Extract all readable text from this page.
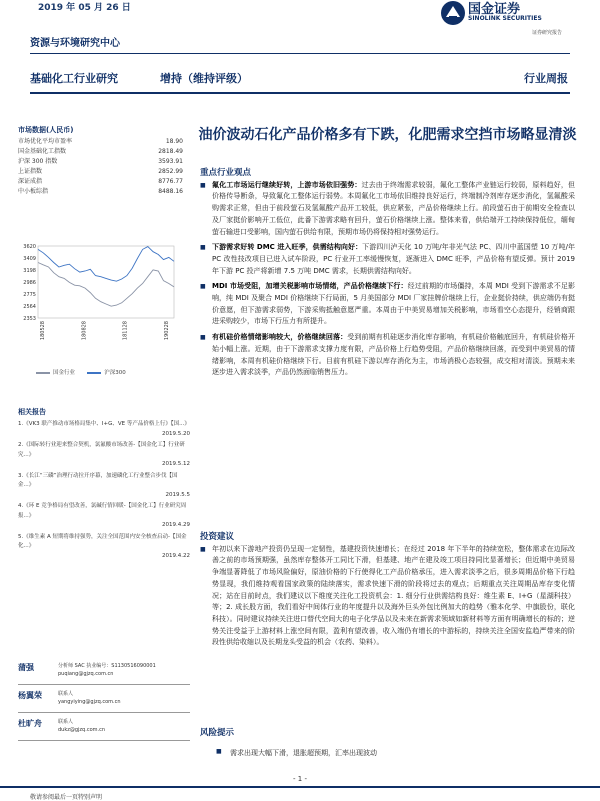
2019 年 05 月 26 日
资源与环境研究中心
国金证券
SINOLINK SECURITIES
证券研究报告
基础化工行业研究	增持（维持评级）	行业周报
市场数据(人民币)
市场优化平均市盈率	18.90
国金基础化工指数	2818.49
沪深 300 指数	3593.91
上证指数	2852.99
深证成指	8776.77
中小板综指	8488.16
3620
3409
3198
2986
2775
2564
2353
180528	180828	181128	190228
国金行业	沪深300
相关报告
1.《VK3 联产推动市场格局集中、I+G、VE 等产品价格上行》【国...》
2019.5.20
2.《国际转行业迎来整合契机，氯氟酸市场改善-【国金化工】行业研究...》
2019.5.12
3.《长江“三磷”治理行动拉开序幕，加速磷化工行业整合步伐【国金...》
2019.5.5
4.《环 E 竞争格局有望改善，氯碱行情回暖-【国金化工】行业研究周报...》
2019.4.29
5.《维生素 A 短期将维持强势，关注全国范围内安全核查启动-【国金化...》
2019.4.22
蒲强	分析师 SAC 执业编号：S1130516090001
puqiang@gjzq.com.cn
杨翼荣	联系人
yangyiying@gjzq.com.cn
杜旷舟	联系人
dukz@gjzq.com.cn
油价波动石化产品价格多有下跌，化肥需求空挡市场略显清淡
重点行业观点
■ 氟化工市场运行继续好转，上游市场依旧强势：过去由于终端需求较弱，氟化工整体产业链运行较弱，原料趋好，但价格传导断条，导致氟化工整体运行弱势。本周氟化工市场依旧维持良好运行，终端制冷剂库存逐步消化，氢氟酸采购需求正常，但由于前段萤石及氢氟酸产品开工较低，供应紧张，产品价格继续上行。前段萤石由于前期安全检查以及厂家挺价影响开工低位，此番下游需求略有回升，萤石价格继续上涨。整体来看，供给端开工持续保持低位，缅甸萤石输进口受影响，国内萤石供给有限，预期市场仍将保持相对强势运行。
■ 下游需求好转 DMC 进入旺季，供需结构向好：下游四川泸天化 10 万吨/年非光气法 PC、四川中蓝国塑 10 万吨/年 PC 改性技改项目已进入试车阶段，PC 行业开工率缓慢恢复，逐渐进入 DMC 旺季，产品价格有望反弹。预计 2019 年下游 PC 投产将新增 7.5 万吨 DMC 需求，长期供需结构向好。
■ MDI 市场受阻，加增关税影响市场情绪，产品价格继续下行：经过前期的市场僵持，本周 MDI 受到下游需求不足影响，纯 MDI 及聚合 MDI 价格继续下行局面，5 月美国部分 MDI 厂家挂牌价继续上行，企业挺价持续，供应端仍有挺价意愿，但下游需求弱势，下游采购抵触意愿严重。本周由于中美贸易增加关税影响，市场看空心态提升，经销商跟进采购较少，市场下行压力有所提升。
■ 有机硅价格情绪影响较大，价格继续回落：受到前期有机硅逐步消化库存影响，有机硅价格触底回升，有机硅价格开始小幅上涨。近期，由于下游需求支撑力度有限，产品价格上行趋势受阻，产品价格继续回落，而受到中美贸易的情绪影响，本周有机硅价格继续下行。目前有机硅下游以库存消化为主，市场消极心态较强，成交相对清淡。预期未来逐步进入需求淡季，产品仍然面临销售压力。
投资建议
■ 年初以来下游地产投资仍呈现一定韧性，基建投资快速增长；在经过 2018 年下半年的持续宽松，整体需求在边际改善之前的市场预期强，虽然库存整体开工同比下滑，但基建、地产在建及竣工项目持同比显著增长；但近期中美贸易争端显著降低了市场风险偏好，原油价格的下行使得化工产品价格承压，进入需求淡季之后，很多周期品价格下行趋势显现，我们维持观看国家政策的陆续落实，需求快速下滑的阶段将过去的观点；后期重点关注周期品库存变化情况；站在目前时点，我们建议以下维度关注化工投资机会：1. 细分行业供需结构良好：维生素 E、I+G（星湖科技）等；2. 成长股方面，我们看好中间体行业的年度提升以及海外巨头外包比例加大的趋势（雅本化学、中旗股份，联化科技）。同时建议持续关注进口替代空间大的电子化学品以及未来在新需求领域如新材料等方面有明确增长的标的；逆势关注受益于上游材料上涨空间有限，盈利有望改善，收入端仍有增长的中游标的，持续关注全国安监趋严带来的阶段性供给收缩以及长期龙头受益的机会（农药、染料）。
风险提示
■ 需求出现大幅下滑，退胀超预期，汇率出现波动
- 1 -
敬请参阅最后一页特别声明
